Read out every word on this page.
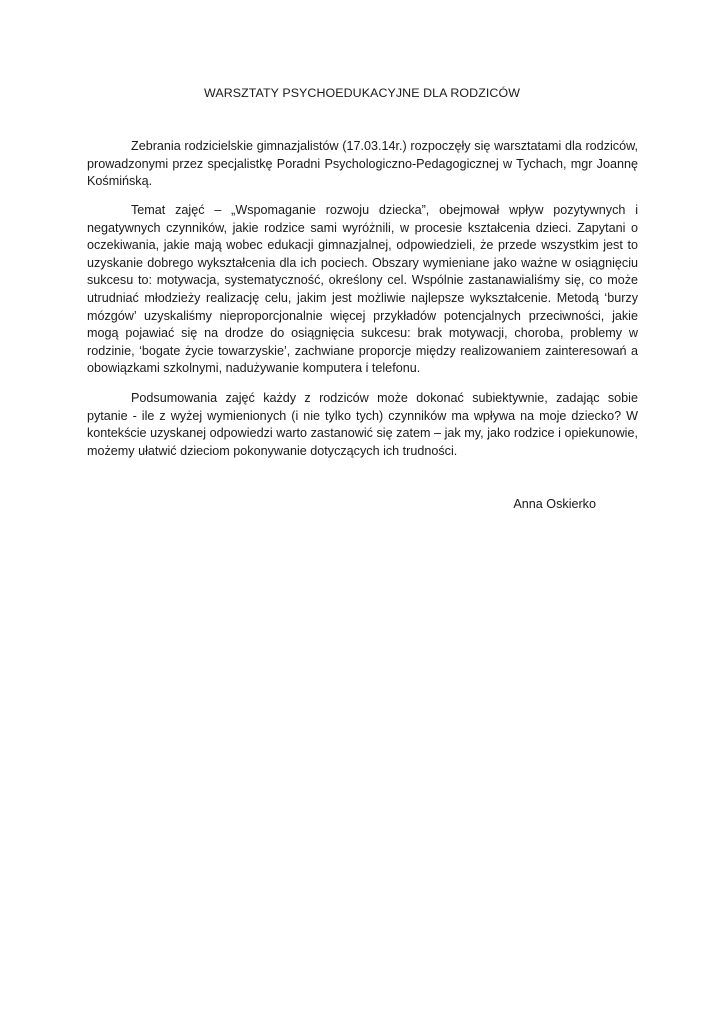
WARSZTATY PSYCHOEDUKACYJNE DLA RODZICÓW

Zebrania rodzicielskie gimnazjalistów (17.03.14r.) rozpoczęły się warsztatami dla rodziców, prowadzonymi przez specjalistkę Poradni Psychologiczno-Pedagogicznej w Tychach, mgr Joannę Kośmińską.

Temat zajęć – „Wspomaganie rozwoju dziecka”, obejmował wpływ pozytywnych i negatywnych czynników, jakie rodzice sami wyróżnili, w procesie kształcenia dzieci. Zapytani o oczekiwania, jakie mają wobec edukacji gimnazjalnej, odpowiedzieli, że przede wszystkim jest to uzyskanie dobrego wykształcenia dla ich pociech. Obszary wymieniane jako ważne w osiągnięciu sukcesu to: motywacja, systematyczność, określony cel. Wspólnie zastanawialiśmy się, co może utrudniać młodzieży realizację celu, jakim jest możliwie najlepsze wykształcenie. Metodą ‘burzy mózgów’ uzyskaliśmy nieproporcjonalnie więcej przykładów potencjalnych przeciwności, jakie mogą pojawiać się na drodze do osiągnięcia sukcesu: brak motywacji, choroba, problemy w rodzinie, ‘bogate życie towarzyskie’, zachwiane proporcje między realizowaniem zainteresowań a obowiązkami szkolnymi, nadużywanie komputera i telefonu.

Podsumowania zajęć każdy z rodziców może dokonać subiektywnie, zadając sobie pytanie - ile z wyżej wymienionych (i nie tylko tych) czynników ma wpływa na moje dziecko? W kontekście uzyskanej odpowiedzi warto zastanowić się zatem – jak my, jako rodzice i opiekunowie, możemy ułatwić dzieciom pokonywanie dotyczących ich trudności.

Anna Oskierko
